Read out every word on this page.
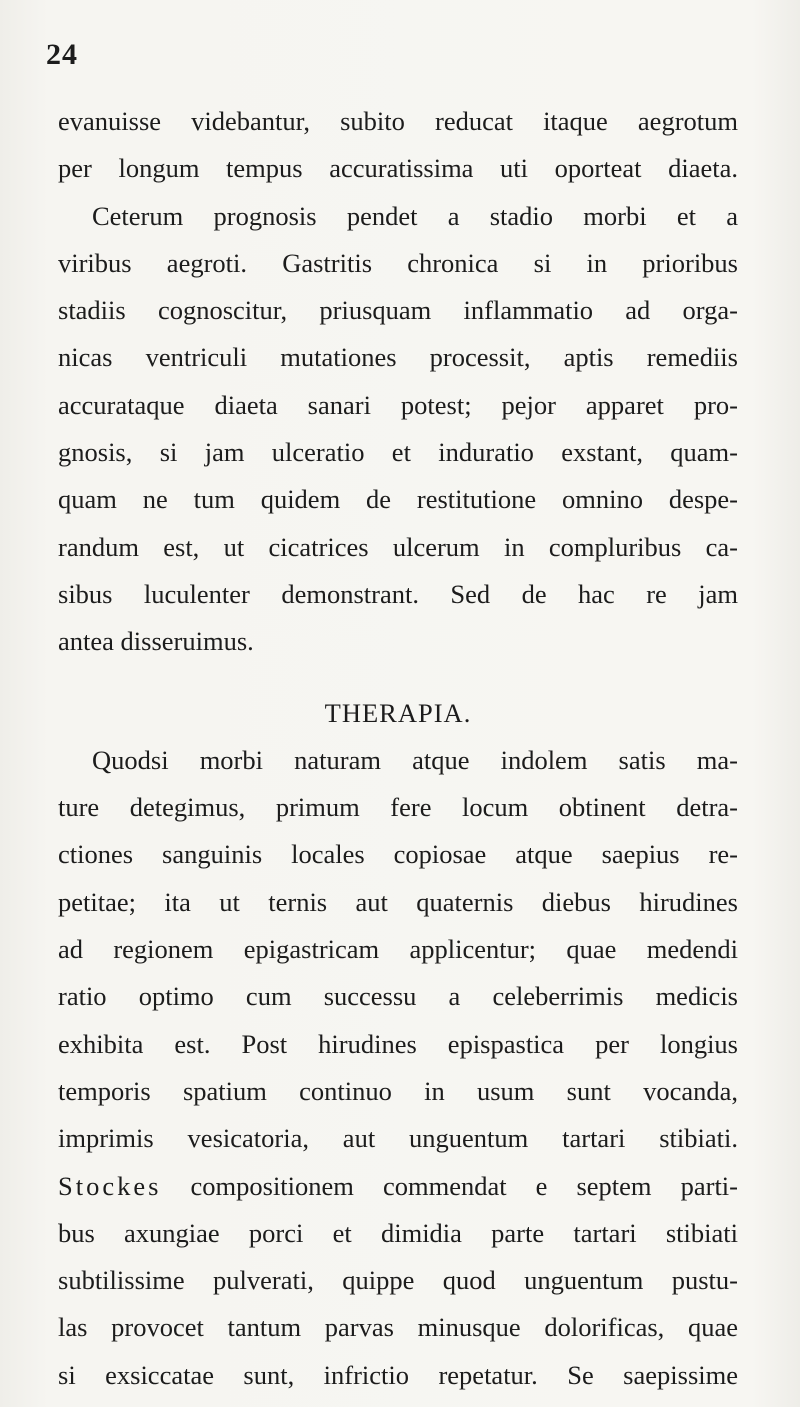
24
evanuisse videbantur, subito reducat itaque aegrotum
per longum tempus accuratissima uti oporteat diaeta.
Ceterum prognosis pendet a stadio morbi et a
viribus aegroti. Gastritis chronica si in prioribus
stadiis cognoscitur, priusquam inflammatio ad orga-
nicas ventriculi mutationes processit, aptis remediis
accurataque diaeta sanari potest; pejor apparet pro-
gnosis, si jam ulceratio et induratio exstant, quam-
quam ne tum quidem de restitutione omnino despe-
randum est, ut cicatrices ulcerum in compluribus ca-
sibus luculenter demonstrant. Sed de hac re jam
antea disseruimus.
THERAPIA.
Quodsi morbi naturam atque indolem satis ma-
ture detegimus, primum fere locum obtinent detra-
ctiones sanguinis locales copiosae atque saepius re-
petitae; ita ut ternis aut quaternis diebus hirudines
ad regionem epigastricam applicentur; quae medendi
ratio optimo cum successu a celeberrimis medicis
exhibita est. Post hirudines epispastica per longius
temporis spatium continuo in usum sunt vocanda,
imprimis vesicatoria, aut unguentum tartari stibiati.
Stockes compositionem commendat e septem parti-
bus axungiae porci et dimidia parte tartari stibiati
subtilissime pulverati, quippe quod unguentum pustu-
las provocet tantum parvas minusque dolorificas, quae
si exsiccatae sunt, infrictio repetatur. Se saepissime
